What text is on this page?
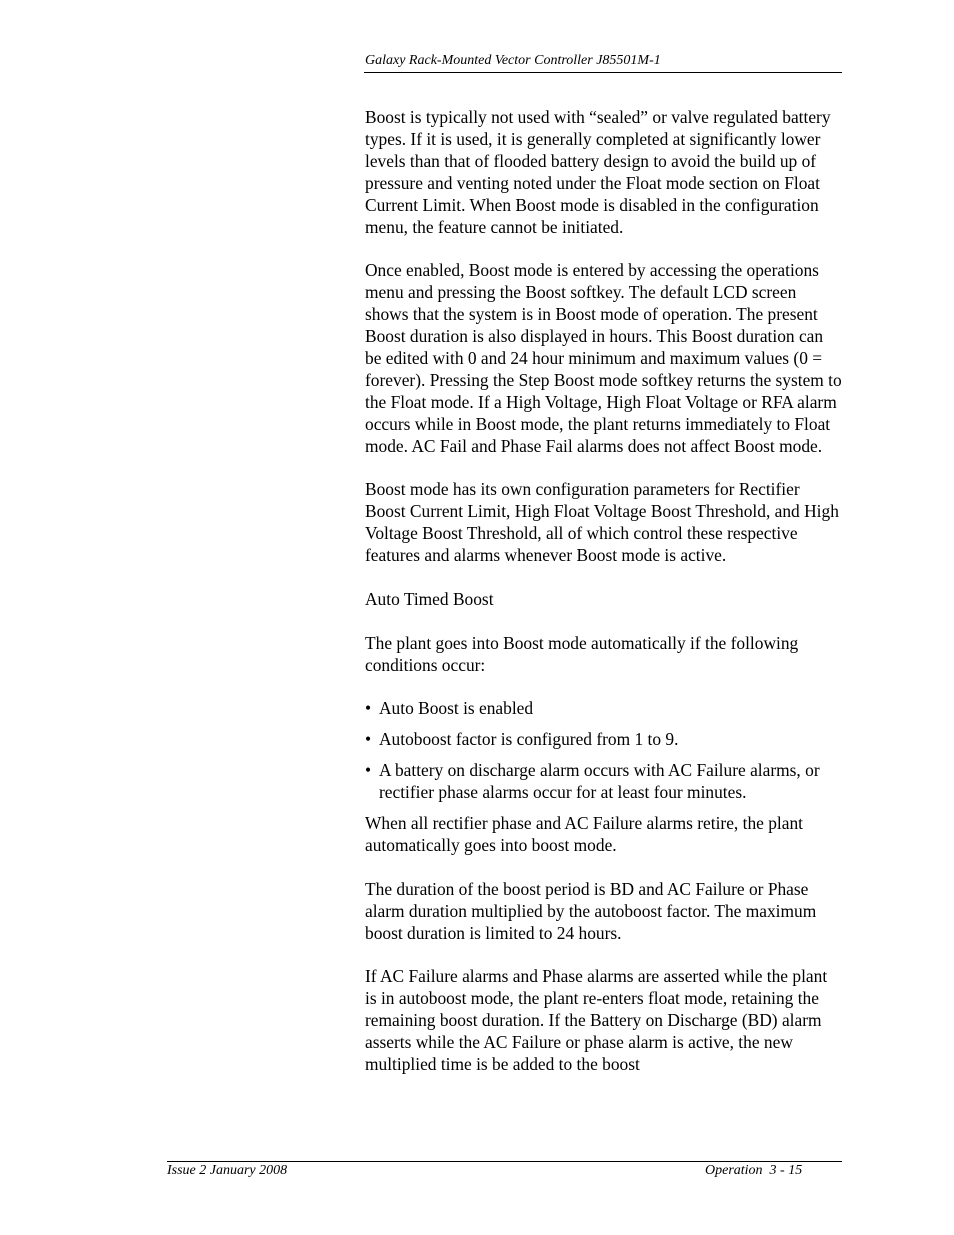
Galaxy Rack-Mounted Vector Controller J85501M-1

Boost is typically not used with “sealed” or valve regulated battery types. If it is used, it is generally completed at significantly lower levels than that of flooded battery design to avoid the build up of pressure and venting noted under the Float mode section on Float Current Limit. When Boost mode is disabled in the configuration menu, the feature cannot be initiated.

Once enabled, Boost mode is entered by accessing the operations menu and pressing the Boost softkey. The default LCD screen shows that the system is in Boost mode of operation. The present Boost duration is also displayed in hours. This Boost duration can be edited with 0 and 24 hour minimum and maximum values (0 = forever). Pressing the Step Boost mode softkey returns the system to the Float mode. If a High Voltage, High Float Voltage or RFA alarm occurs while in Boost mode, the plant returns immediately to Float mode. AC Fail and Phase Fail alarms does not affect Boost mode.

Boost mode has its own configuration parameters for Rectifier Boost Current Limit, High Float Voltage Boost Threshold, and High Voltage Boost Threshold, all of which control these respective features and alarms whenever Boost mode is active.

Auto Timed Boost

The plant goes into Boost mode automatically if the following conditions occur:

• Auto Boost is enabled
• Autoboost factor is configured from 1 to 9.
• A battery on discharge alarm occurs with AC Failure alarms, or rectifier phase alarms occur for at least four minutes.

When all rectifier phase and AC Failure alarms retire, the plant automatically goes into boost mode.

The duration of the boost period is BD and AC Failure or Phase alarm duration multiplied by the autoboost factor. The maximum boost duration is limited to 24 hours.

If AC Failure alarms and Phase alarms are asserted while the plant is in autoboost mode, the plant re-enters float mode, retaining the remaining boost duration. If the Battery on Discharge (BD) alarm asserts while the AC Failure or phase alarm is active, the new multiplied time is be added to the boost

Issue 2 January 2008	Operation  3 - 15
